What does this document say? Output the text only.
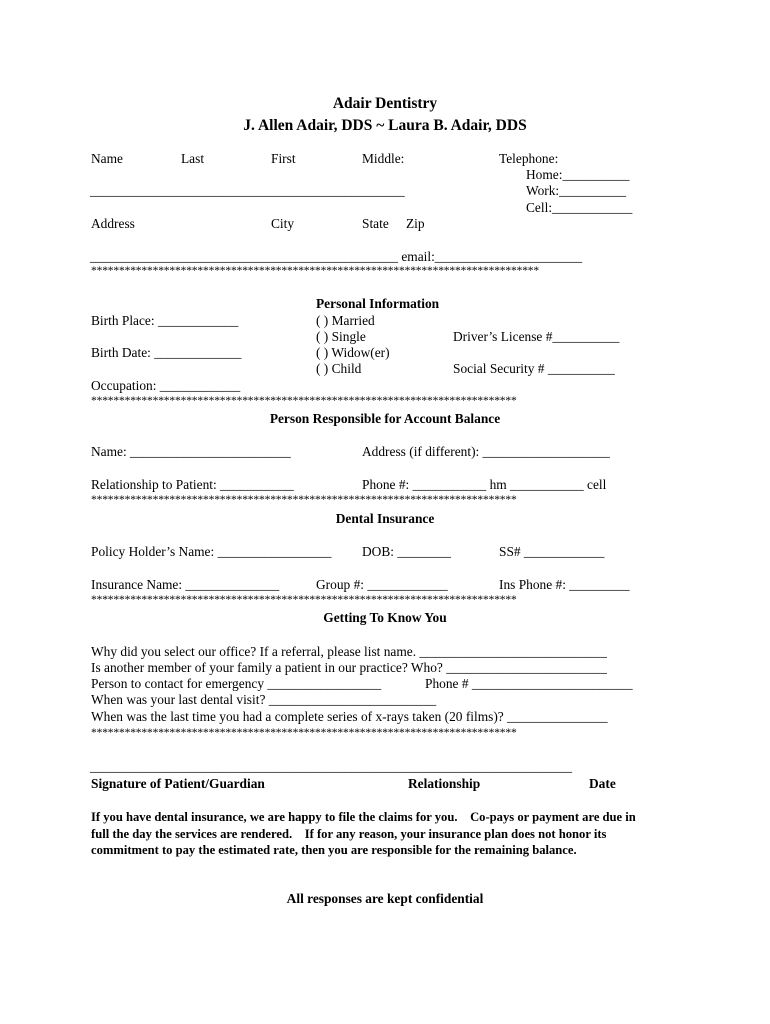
Adair Dentistry
J. Allen Adair, DDS ~ Laura B. Adair, DDS
Name	Last	First	Middle:
_______________________________________________
Telephone:
Home:__________
Work:__________
Cell:____________
Address	City	State Zip
______________________________________________ email:______________________
********************************************************************************
Personal Information
Birth Place: ____________
Birth Date: _____________
Occupation: ____________
( ) Married
( ) Single
( ) Widow(er)
( ) Child
Driver’s License #__________
Social Security # __________
****************************************************************************
Person Responsible for Account Balance
Name: ________________________	Address (if different): ___________________
Relationship to Patient: ___________	Phone #: ___________ hm ___________ cell
****************************************************************************
Dental Insurance
Policy Holder’s Name: _________________ DOB: ________	SS# ____________
Insurance Name: ______________	Group #: ____________	Ins Phone #: _________
****************************************************************************
Getting To Know You
Why did you select our office? If a referral, please list name. ____________________________
Is another member of your family a patient in our practice? Who? ________________________
Person to contact for emergency _________________	Phone # ________________________
When was your last dental visit? _________________________
When was the last time you had a complete series of x-rays taken (20 films)? _______________
****************************************************************************
________________________________________________________________________
Signature of Patient/Guardian	Relationship	Date
If you have dental insurance, we are happy to file the claims for you.    Co-pays or payment are due in
full the day the services are rendered.    If for any reason, your insurance plan does not honor its
commitment to pay the estimated rate, then you are responsible for the remaining balance.
All responses are kept confidential
